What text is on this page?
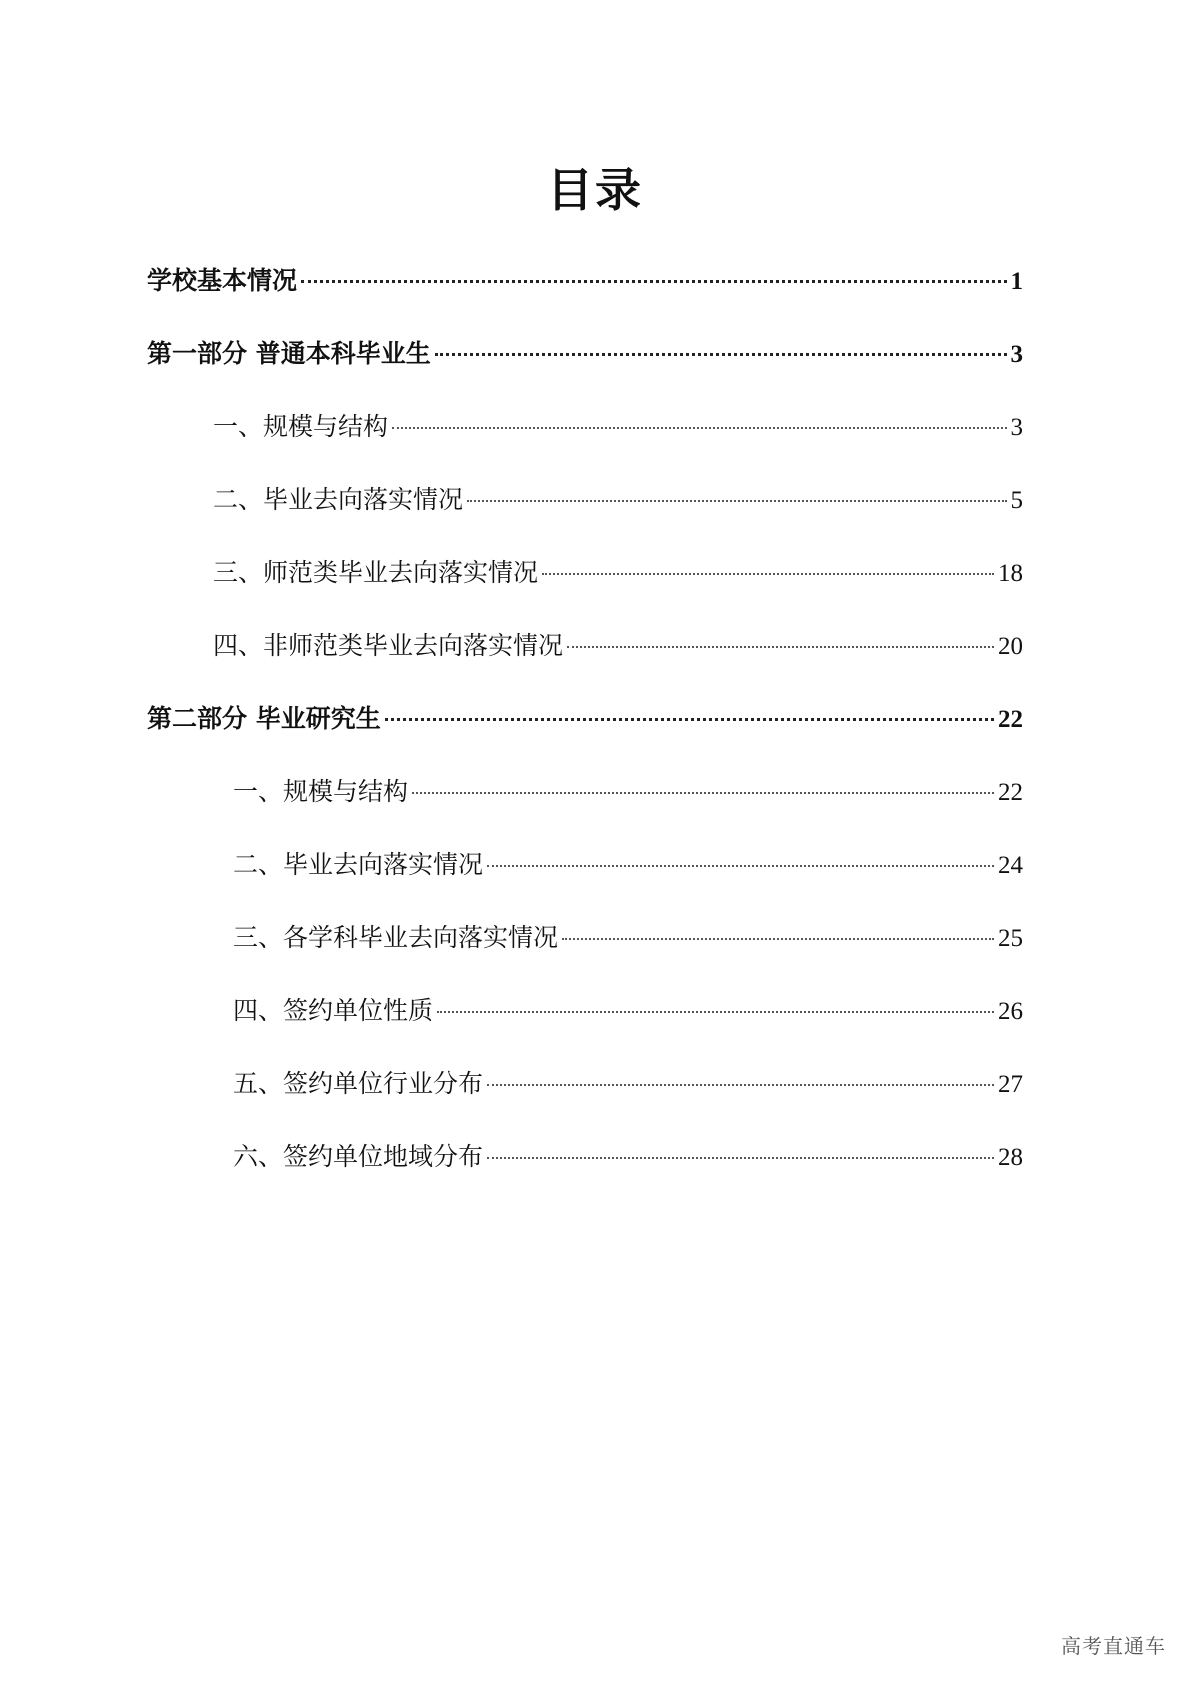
目录
学校基本情况	1
第一部分 普通本科毕业生	3
一、规模与结构	3
二、毕业去向落实情况	5
三、师范类毕业去向落实情况	18
四、非师范类毕业去向落实情况	20
第二部分 毕业研究生	22
一、规模与结构	22
二、毕业去向落实情况	24
三、各学科毕业去向落实情况	25
四、签约单位性质	26
五、签约单位行业分布	27
六、签约单位地域分布	28
高考直通车
